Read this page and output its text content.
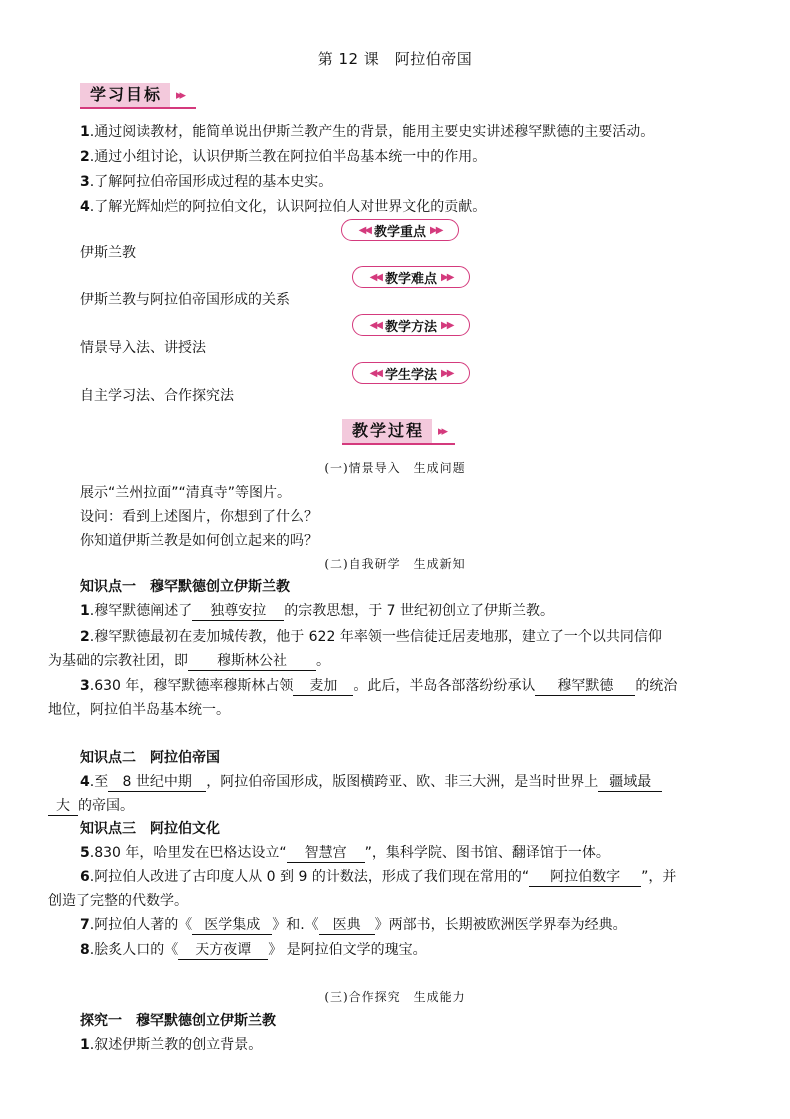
第 12 课　阿拉伯帝国
学习目标	▸▸
1.通过阅读教材，能简单说出伊斯兰教产生的背景，能用主要史实讲述穆罕默德的主要活动。
2.通过小组讨论，认识伊斯兰教在阿拉伯半岛基本统一中的作用。
3.了解阿拉伯帝国形成过程的基本史实。
4.了解光辉灿烂的阿拉伯文化，认识阿拉伯人对世界文化的贡献。
◀◀ 教学重点 ▶▶
伊斯兰教
◀◀ 教学难点 ▶▶
伊斯兰教与阿拉伯帝国形成的关系
◀◀ 教学方法 ▶▶
情景导入法、讲授法
◀◀ 学生学法 ▶▶
自主学习法、合作探究法
教学过程	▸▸
(一)情景导入　生成问题
展示“兰州拉面”“清真寺”等图片。
设问：看到上述图片，你想到了什么？
你知道伊斯兰教是如何创立起来的吗？
(二)自我研学　生成新知
知识点一　穆罕默德创立伊斯兰教
1.穆罕默德阐述了 独尊安拉 的宗教思想，于 7 世纪初创立了伊斯兰教。
2.穆罕默德最初在麦加城传教，他于 622 年率领一些信徒迁居麦地那，建立了一个以共同信仰
为基础的宗教社团，即 穆斯林公社 。
3.630 年，穆罕默德率穆斯林占领 麦加 。此后，半岛各部落纷纷承认 穆罕默德 的统治
地位，阿拉伯半岛基本统一。
知识点二　阿拉伯帝国
4.至 8 世纪中期 ，阿拉伯帝国形成，版图横跨亚、欧、非三大洲，是当时世界上 疆域最
大 的帝国。
知识点三　阿拉伯文化
5.830 年，哈里发在巴格达设立“ 智慧宫 ”，集科学院、图书馆、翻译馆于一体。
6.阿拉伯人改进了古印度人从 0 到 9 的计数法，形成了我们现在常用的“ 阿拉伯数字 ”，并
创造了完整的代数学。
7.阿拉伯人著的《 医学集成 》和.《 医典 》两部书，长期被欧洲医学界奉为经典。
8.脍炙人口的《 天方夜谭 》 是阿拉伯文学的瑰宝。
(三)合作探究　生成能力
探究一　穆罕默德创立伊斯兰教
1.叙述伊斯兰教的创立背景。
